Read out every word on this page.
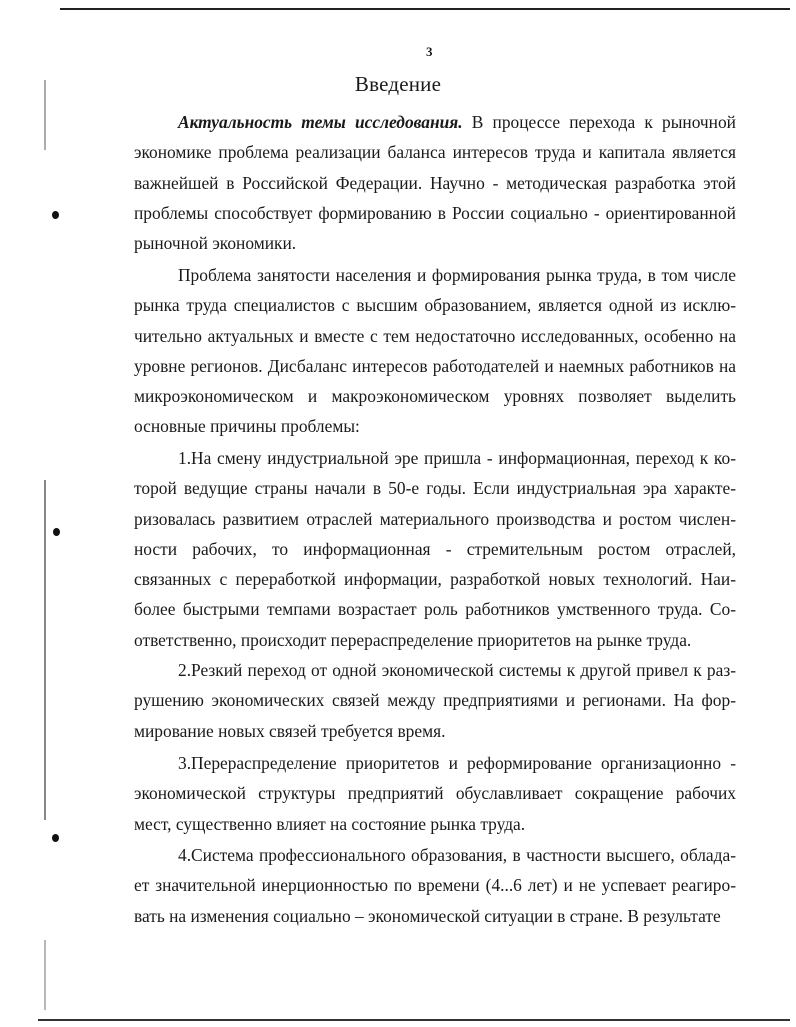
3
Введение

Актуальность темы исследования. В процессе перехода к рыночной экономике проблема реализации баланса интересов труда и капитала является важнейшей в Российской Федерации. Научно - методическая разработка этой проблемы способствует формированию в России социально - ориентированной рыночной экономики.

Проблема занятости населения и формирования рынка труда, в том числе рынка труда специалистов с высшим образованием, является одной из исключительно актуальных и вместе с тем недостаточно исследованных, особенно на уровне регионов. Дисбаланс интересов работодателей и наемных работников на микроэкономическом и макроэкономическом уровнях позволяет выделить основные причины проблемы:

1.На смену индустриальной эре пришла - информационная, переход к которой ведущие страны начали в 50-е годы. Если индустриальная эра характеризовалась развитием отраслей материального производства и ростом численности рабочих, то информационная - стремительным ростом отраслей, связанных с переработкой информации, разработкой новых технологий. Наиболее быстрыми темпами возрастает роль работников умственного труда. Соответственно, происходит перераспределение приоритетов на рынке труда.

2.Резкий переход от одной экономической системы к другой привел к разрушению экономических связей между предприятиями и регионами. На формирование новых связей требуется время.

3.Перераспределение приоритетов и реформирование организационно - экономической структуры предприятий обуславливает сокращение рабочих мест, существенно влияет на состояние рынка труда.

4.Система профессионального образования, в частности высшего, обладает значительной инерционностью по времени (4...6 лет) и не успевает реагировать на изменения социально – экономической ситуации в стране. В результате
